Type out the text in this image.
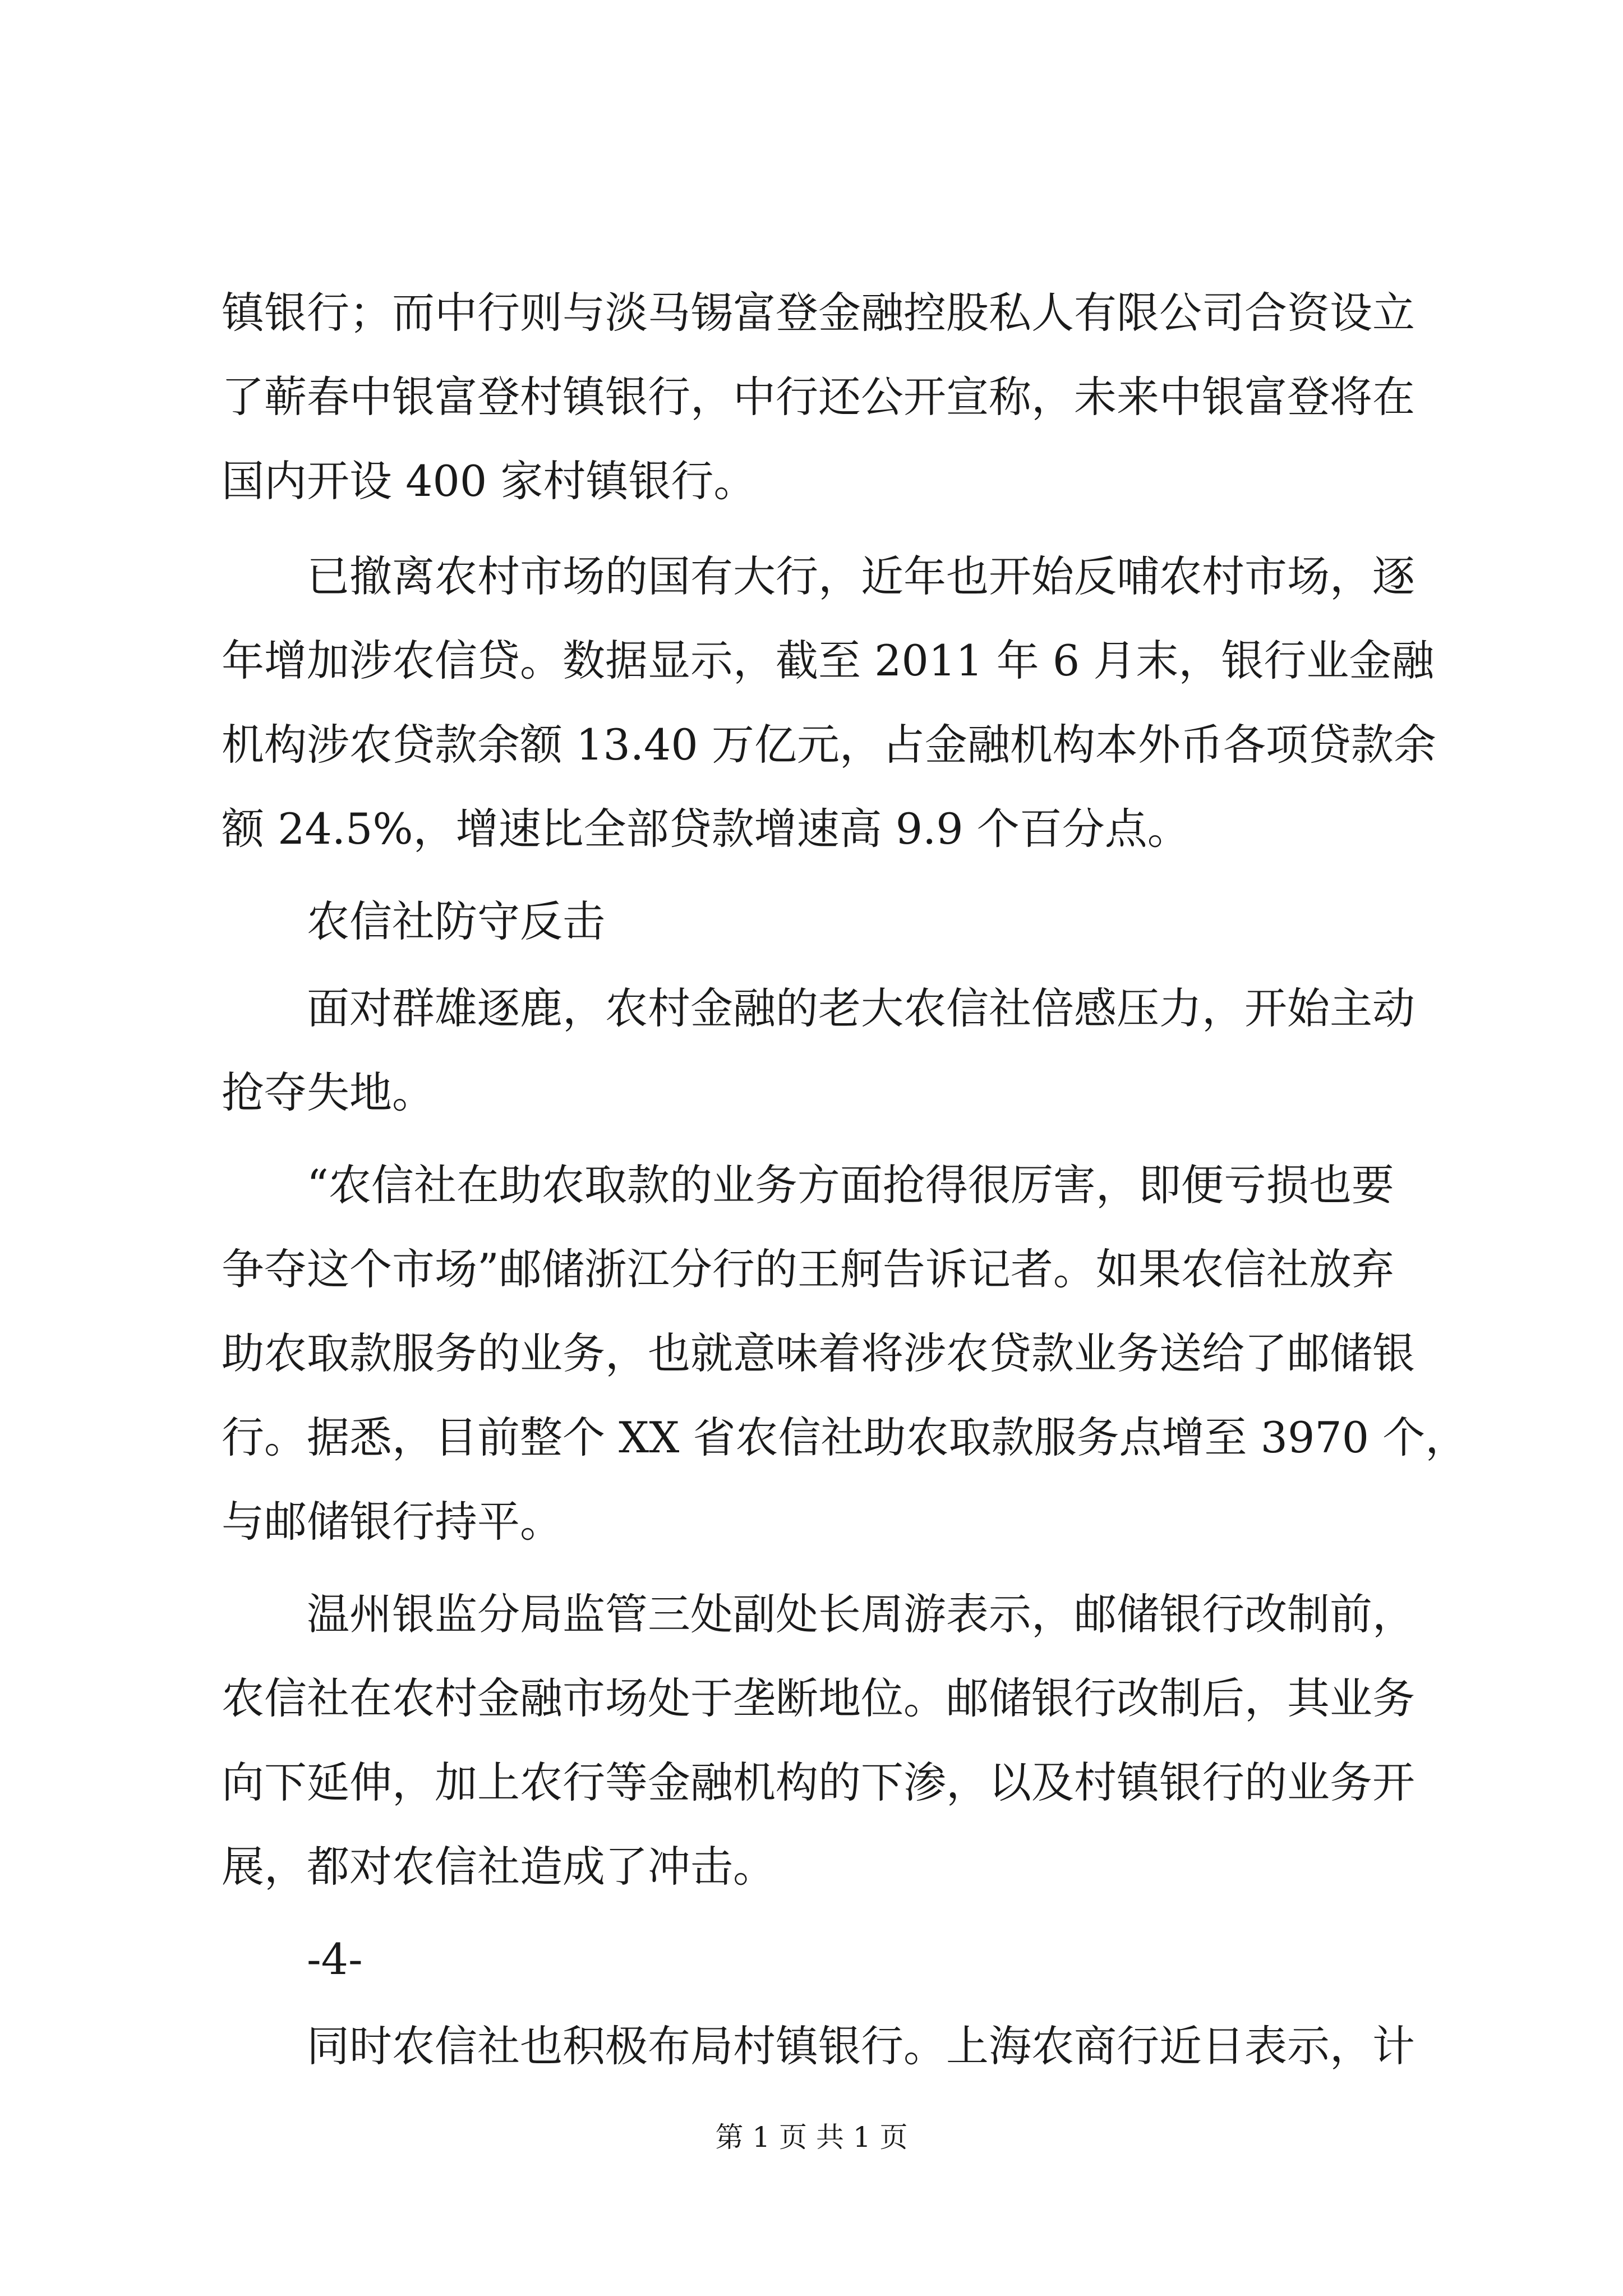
镇银行；而中行则与淡马锡富登金融控股私人有限公司合资设立
了蕲春中银富登村镇银行，中行还公开宣称，未来中银富登将在
国内开设 400 家村镇银行。
已撤离农村市场的国有大行，近年也开始反哺农村市场，逐
年增加涉农信贷。数据显示，截至 2011 年 6 月末，银行业金融
机构涉农贷款余额 13.40 万亿元，占金融机构本外币各项贷款余
额 24.5%，增速比全部贷款增速高 9.9 个百分点。
农信社防守反击
面对群雄逐鹿，农村金融的老大农信社倍感压力，开始主动
抢夺失地。
“农信社在助农取款的业务方面抢得很厉害，即便亏损也要
争夺这个市场”邮储浙江分行的王舸告诉记者。如果农信社放弃
助农取款服务的业务，也就意味着将涉农贷款业务送给了邮储银
行。据悉，目前整个 XX 省农信社助农取款服务点增至 3970 个，
与邮储银行持平。
温州银监分局监管三处副处长周游表示，邮储银行改制前，
农信社在农村金融市场处于垄断地位。邮储银行改制后，其业务
向下延伸，加上农行等金融机构的下渗，以及村镇银行的业务开
展，都对农信社造成了冲击。
-4-
同时农信社也积极布局村镇银行。上海农商行近日表示，计
第 1 页 共 1 页
